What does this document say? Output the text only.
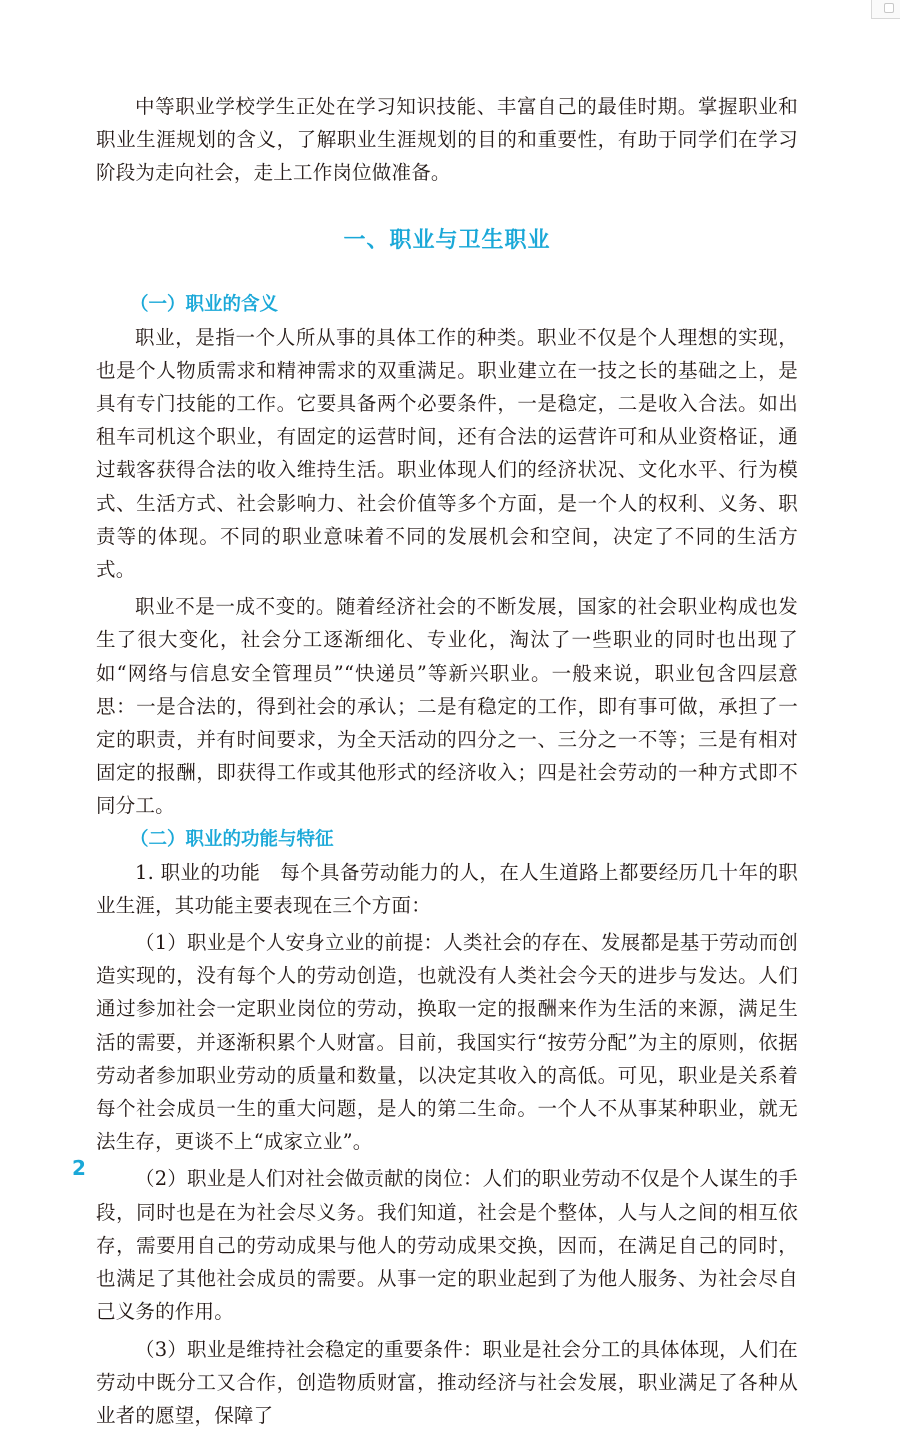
中等职业学校学生正处在学习知识技能、丰富自己的最佳时期。掌握职业和职业生涯规划的含义，了解职业生涯规划的目的和重要性，有助于同学们在学习阶段为走向社会，走上工作岗位做准备。

一、职业与卫生职业
（一）职业的含义

职业，是指一个人所从事的具体工作的种类。职业不仅是个人理想的实现，也是个人物质需求和精神需求的双重满足。职业建立在一技之长的基础之上，是具有专门技能的工作。它要具备两个必要条件，一是稳定，二是收入合法。如出租车司机这个职业，有固定的运营时间，还有合法的运营许可和从业资格证，通过载客获得合法的收入维持生活。职业体现人们的经济状况、文化水平、行为模式、生活方式、社会影响力、社会价值等多个方面，是一个人的权利、义务、职责等的体现。不同的职业意味着不同的发展机会和空间，决定了不同的生活方式。

职业不是一成不变的。随着经济社会的不断发展，国家的社会职业构成也发生了很大变化，社会分工逐渐细化、专业化，淘汰了一些职业的同时也出现了如“网络与信息安全管理员”“快递员”等新兴职业。一般来说，职业包含四层意思：一是合法的，得到社会的承认；二是有稳定的工作，即有事可做，承担了一定的职责，并有时间要求，为全天活动的四分之一、三分之一不等；三是有相对固定的报酬，即获得工作或其他形式的经济收入；四是社会劳动的一种方式即不同分工。

（二）职业的功能与特征

1. 职业的功能　每个具备劳动能力的人，在人生道路上都要经历几十年的职业生涯，其功能主要表现在三个方面：

（1）职业是个人安身立业的前提：人类社会的存在、发展都是基于劳动而创造实现的，没有每个人的劳动创造，也就没有人类社会今天的进步与发达。人们通过参加社会一定职业岗位的劳动，换取一定的报酬来作为生活的来源，满足生活的需要，并逐渐积累个人财富。目前，我国实行“按劳分配”为主的原则，依据劳动者参加职业劳动的质量和数量，以决定其收入的高低。可见，职业是关系着每个社会成员一生的重大问题，是人的第二生命。一个人不从事某种职业，就无法生存，更谈不上“成家立业”。

（2）职业是人们对社会做贡献的岗位：人们的职业劳动不仅是个人谋生的手段，同时也是在为社会尽义务。我们知道，社会是个整体，人与人之间的相互依存，需要用自己的劳动成果与他人的劳动成果交换，因而，在满足自己的同时，也满足了其他社会成员的需要。从事一定的职业起到了为他人服务、为社会尽自己义务的作用。

（3）职业是维持社会稳定的重要条件：职业是社会分工的具体体现，人们在劳动中既分工又合作，创造物质财富，推动经济与社会发展，职业满足了各种从业者的愿望，保障了

2
